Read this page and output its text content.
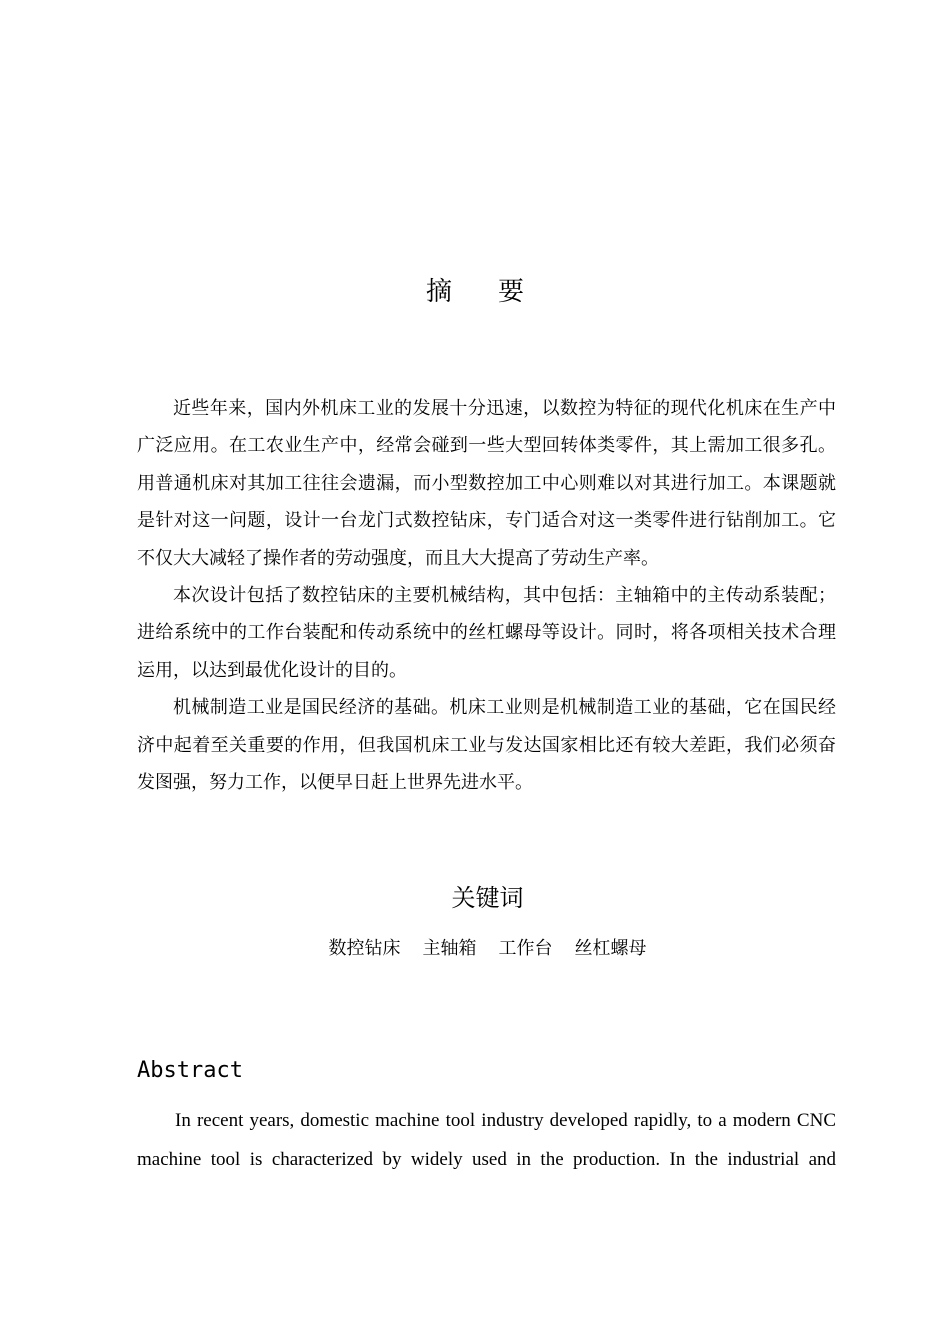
摘 要

近些年来，国内外机床工业的发展十分迅速，以数控为特征的现代化机床在生产中广泛应用。在工农业生产中，经常会碰到一些大型回转体类零件，其上需加工很多孔。用普通机床对其加工往往会遗漏，而小型数控加工中心则难以对其进行加工。本课题就是针对这一问题，设计一台龙门式数控钻床，专门适合对这一类零件进行钻削加工。它不仅大大减轻了操作者的劳动强度，而且大大提高了劳动生产率。

本次设计包括了数控钻床的主要机械结构，其中包括：主轴箱中的主传动系装配；进给系统中的工作台装配和传动系统中的丝杠螺母等设计。同时，将各项相关技术合理运用，以达到最优化设计的目的。

机械制造工业是国民经济的基础。机床工业则是机械制造工业的基础，它在国民经济中起着至关重要的作用，但我国机床工业与发达国家相比还有较大差距，我们必须奋发图强，努力工作，以便早日赶上世界先进水平。

关键词
数控钻床 主轴箱 工作台 丝杠螺母
Abstract

In recent years, domestic machine tool industry developed rapidly, to a modern CNC machine tool is characterized by widely used in the production. In the industrial and
